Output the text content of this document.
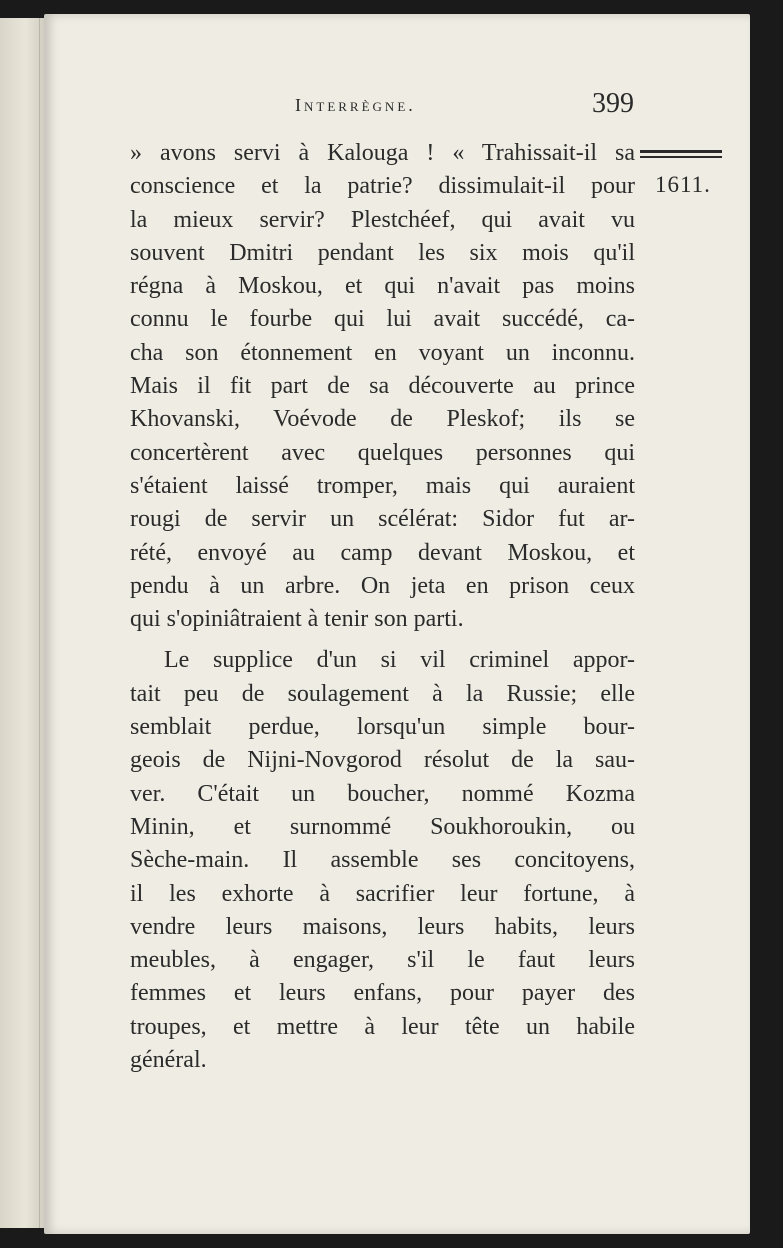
Interrègne.	399
1611.
» avons servi à Kalouga ! « Trahissait-il sa
conscience et la patrie? dissimulait-il pour
la mieux servir? Plestchéef, qui avait vu
souvent Dmitri pendant les six mois qu'il
régna à Moskou, et qui n'avait pas moins
connu le fourbe qui lui avait succédé, ca-
cha son étonnement en voyant un inconnu.
Mais il fit part de sa découverte au prince
Khovanski, Voévode de Pleskof; ils se
concertèrent avec quelques personnes qui
s'étaient laissé tromper, mais qui auraient
rougi de servir un scélérat: Sidor fut ar-
rété, envoyé au camp devant Moskou, et
pendu à un arbre. On jeta en prison ceux
qui s'opiniâtraient à tenir son parti.
Le supplice d'un si vil criminel appor-
tait peu de soulagement à la Russie; elle
semblait perdue, lorsqu'un simple bour-
geois de Nijni-Novgorod résolut de la sau-
ver. C'était un boucher, nommé Kozma
Minin, et surnommé Soukhoroukin, ou
Sèche-main. Il assemble ses concitoyens,
il les exhorte à sacrifier leur fortune, à
vendre leurs maisons, leurs habits, leurs
meubles, à engager, s'il le faut leurs
femmes et leurs enfans, pour payer des
troupes, et mettre à leur tête un habile
général.
